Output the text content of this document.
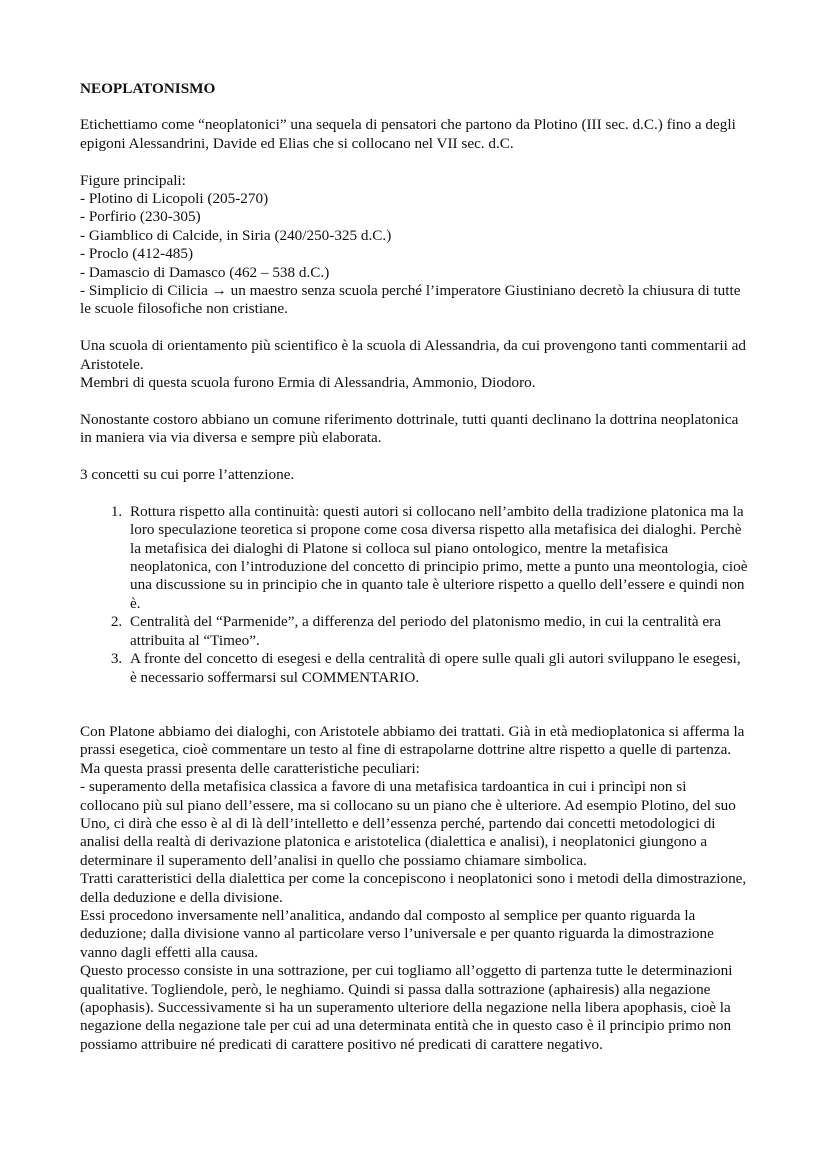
NEOPLATONISMO

Etichettiamo come “neoplatonici” una sequela di pensatori che partono da Plotino (III sec. d.C.) fino a degli epigoni Alessandrini, Davide ed Elias che si collocano nel VII sec. d.C.

Figure principali:

- Plotino di Licopoli (205-270)
- Porfirio (230-305)
- Giamblico di Calcide, in Siria (240/250-325 d.C.)
- Proclo (412-485)
- Damascio di Damasco (462 – 538 d.C.)
- Simplicio di Cilicia → un maestro senza scuola perché l’imperatore Giustiniano decretò la chiusura di tutte le scuole filosofiche non cristiane.

Una scuola di orientamento più scientifico è la scuola di Alessandria, da cui provengono tanti commentarii ad Aristotele.

Membri di questa scuola furono Ermia di Alessandria, Ammonio, Diodoro.

Nonostante costoro abbiano un comune riferimento dottrinale, tutti quanti declinano la dottrina neoplatonica in maniera via via diversa e sempre più elaborata.

3 concetti su cui porre l’attenzione.

1. Rottura rispetto alla continuità: questi autori si collocano nell’ambito della tradizione platonica ma la loro speculazione teoretica si propone come cosa diversa rispetto alla metafisica dei dialoghi. Perchè la metafisica dei dialoghi di Platone si colloca sul piano ontologico, mentre la metafisica neoplatonica, con l’introduzione del concetto di principio primo, mette a punto una meontologia, cioè una discussione su in principio che in quanto tale è ulteriore rispetto a quello dell’essere e quindi non è.
2. Centralità del “Parmenide”, a differenza del periodo del platonismo medio, in cui la centralità era attribuita al “Timeo”.
3. A fronte del concetto di esegesi e della centralità di opere sulle quali gli autori sviluppano le esegesi, è necessario soffermarsi sul COMMENTARIO.

Con Platone abbiamo dei dialoghi, con Aristotele abbiamo dei trattati. Già in età medioplatonica si afferma la prassi esegetica, cioè commentare un testo al fine di estrapolarne dottrine altre rispetto a quelle di partenza. Ma questa prassi presenta delle caratteristiche peculiari:

- superamento della metafisica classica a favore di una metafisica tardoantica in cui i princìpi non si collocano più sul piano dell’essere, ma si collocano su un piano che è ulteriore. Ad esempio Plotino, del suo Uno, ci dirà che esso è al di là dell’intelletto e dell’essenza perché, partendo dai concetti metodologici di analisi della realtà di derivazione platonica e aristotelica (dialettica e analisi), i neoplatonici giungono a determinare il superamento dell’analisi in quello che possiamo chiamare simbolica.

Tratti caratteristici della dialettica per come la concepiscono i neoplatonici sono i metodi della dimostrazione, della deduzione e della divisione.

Essi procedono inversamente nell’analitica, andando dal composto al semplice per quanto riguarda la deduzione; dalla divisione vanno al particolare verso l’universale e per quanto riguarda la dimostrazione vanno dagli effetti alla causa.

Questo processo consiste in una sottrazione, per cui togliamo all’oggetto di partenza tutte le determinazioni qualitative. Togliendole, però, le neghiamo. Quindi si passa dalla sottrazione (aphairesis) alla negazione (apophasis). Successivamente si ha un superamento ulteriore della negazione nella libera apophasis, cioè la negazione della negazione tale per cui ad una determinata entità che in questo caso è il principio primo non possiamo attribuire né predicati di carattere positivo né predicati di carattere negativo.
